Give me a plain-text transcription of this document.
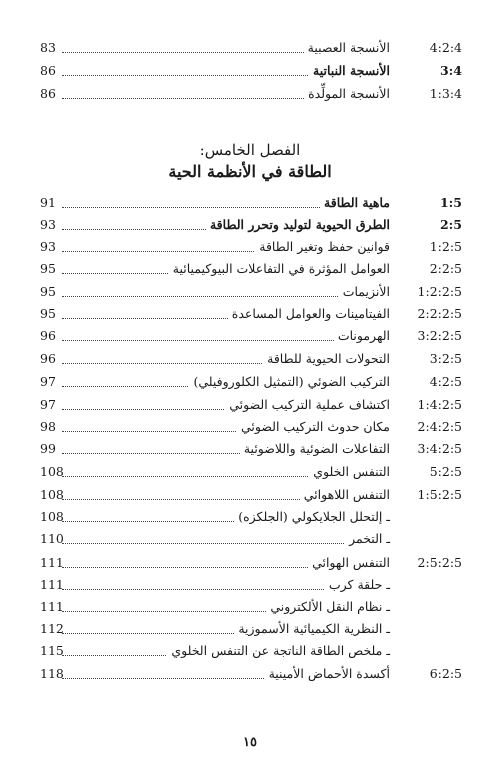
4:2:4
الأنسجة العصبية
83
3:4
الأنسجة النباتية
86
1:3:4
الأنسجة المولِّدة
86
الفصل الخامس:
الطاقة في الأنظمة الحية
1:5
ماهية الطاقة
91
2:5
الطرق الحيوية لتوليد وتحرر الطاقة
93
1:2:5
قوانين حفظ وتغير الطاقة
93
2:2:5
العوامل المؤثرة في التفاعلات البيوكيميائية
95
1:2:2:5
الأنزيمات
95
2:2:2:5
الفيتامينات والعوامل المساعدة
95
3:2:2:5
الهرمونات
96
3:2:5
التحولات الحيوية للطاقة
96
4:2:5
التركيب الضوئي (التمثيل الكلوروفيلي)
97
1:4:2:5
اكتشاف عملية التركيب الضوئي
97
2:4:2:5
مكان حدوث التركيب الضوئي
98
3:4:2:5
التفاعلات الضوئية واللاضوئية
99
5:2:5
التنفس الخلوي
108
1:5:2:5
التنفس اللاهوائي
108
ـ إلتحلل الجلايكولي (الجلكزه)
108
ـ التخمر
110
2:5:2:5
التنفس الهوائي
111
ـ حلقة كرب
111
ـ نظام النقل الألكتروني
111
ـ النظرية الكيميائية الأسموزية
112
ـ ملخص الطاقة الناتجة عن التنفس الخلوي
115
6:2:5
أكسدة الأحماض الأمينية
118
١٥
